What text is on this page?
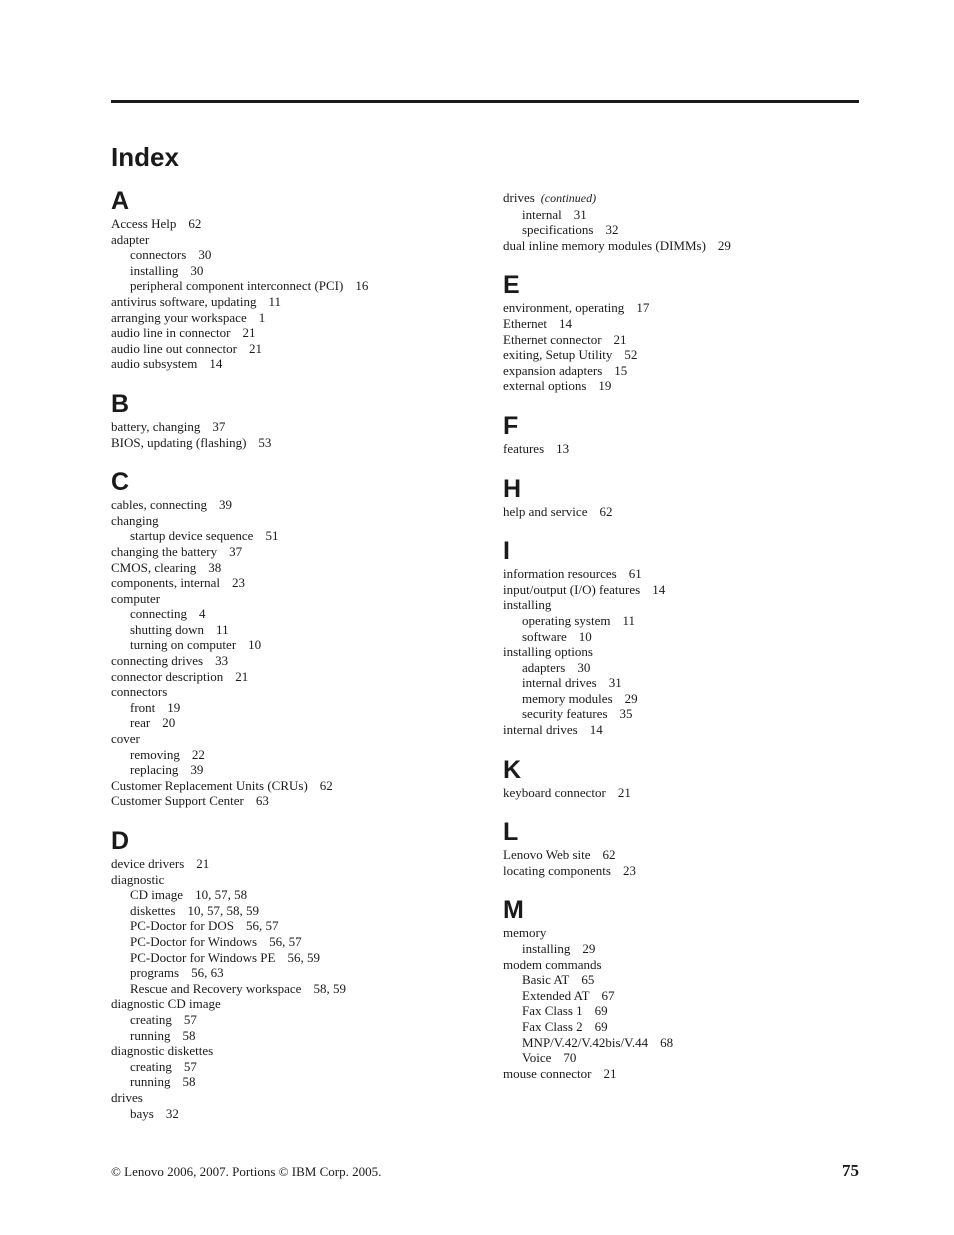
Index
A
Access Help 62
adapter
connectors 30
installing 30
peripheral component interconnect (PCI) 16
antivirus software, updating 11
arranging your workspace 1
audio line in connector 21
audio line out connector 21
audio subsystem 14
B
battery, changing 37
BIOS, updating (flashing) 53
C
cables, connecting 39
changing
startup device sequence 51
changing the battery 37
CMOS, clearing 38
components, internal 23
computer
connecting 4
shutting down 11
turning on computer 10
connecting drives 33
connector description 21
connectors
front 19
rear 20
cover
removing 22
replacing 39
Customer Replacement Units (CRUs) 62
Customer Support Center 63
D
device drivers 21
diagnostic
CD image 10, 57, 58
diskettes 10, 57, 58, 59
PC-Doctor for DOS 56, 57
PC-Doctor for Windows 56, 57
PC-Doctor for Windows PE 56, 59
programs 56, 63
Rescue and Recovery workspace 58, 59
diagnostic CD image
creating 57
running 58
diagnostic diskettes
creating 57
running 58
drives
bays 32
drives (continued)
internal 31
specifications 32
dual inline memory modules (DIMMs) 29
E
environment, operating 17
Ethernet 14
Ethernet connector 21
exiting, Setup Utility 52
expansion adapters 15
external options 19
F
features 13
H
help and service 62
I
information resources 61
input/output (I/O) features 14
installing
operating system 11
software 10
installing options
adapters 30
internal drives 31
memory modules 29
security features 35
internal drives 14
K
keyboard connector 21
L
Lenovo Web site 62
locating components 23
M
memory
installing 29
modem commands
Basic AT 65
Extended AT 67
Fax Class 1 69
Fax Class 2 69
MNP/V.42/V.42bis/V.44 68
Voice 70
mouse connector 21
© Lenovo 2006, 2007. Portions © IBM Corp. 2005.	75
